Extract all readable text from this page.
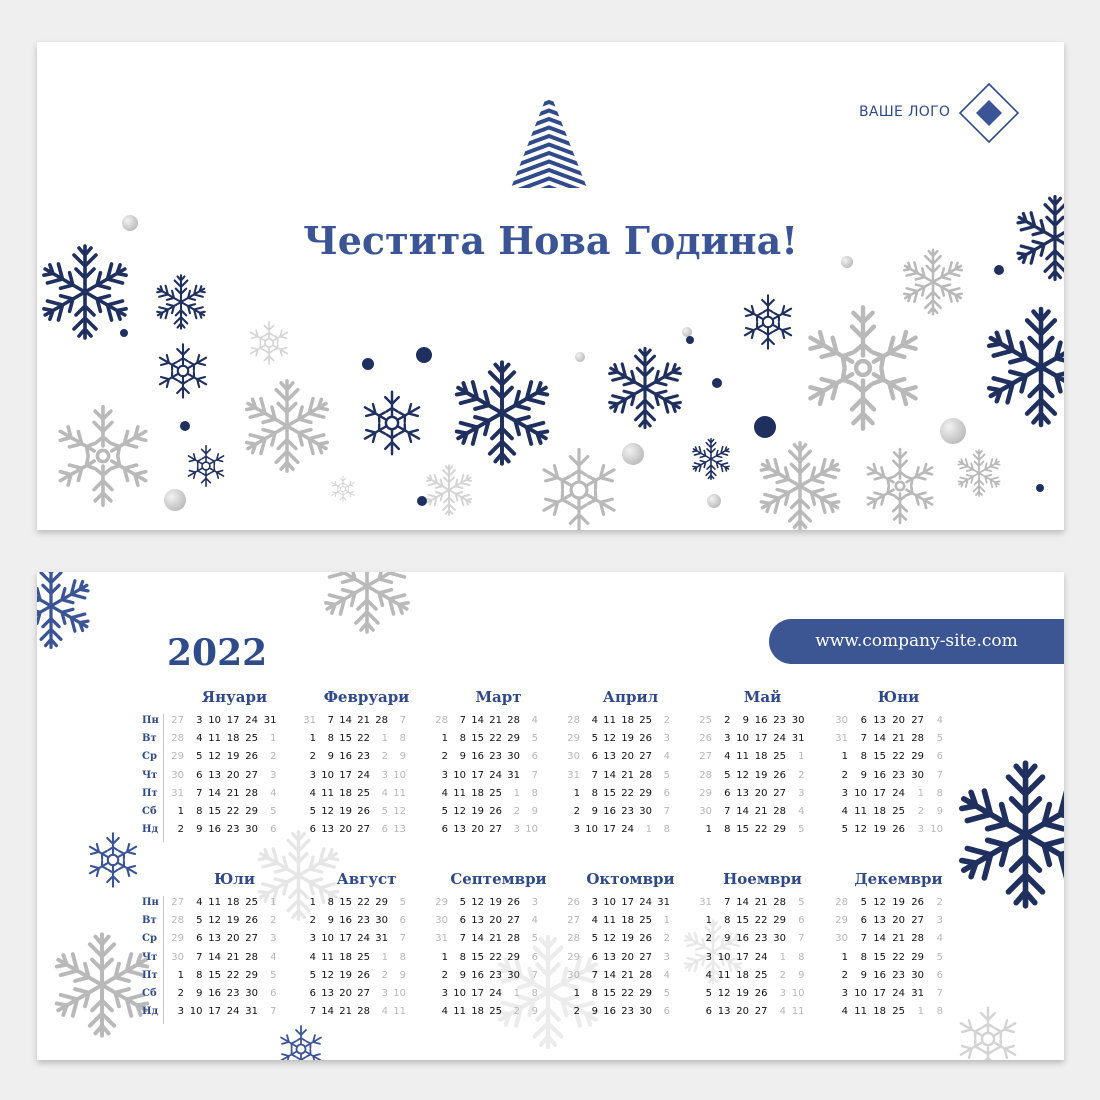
ВАШЕ ЛОГО
Честита Нова Година!
2022	www.company-site.com
Януари
Пн
Вт
Ср
Чт
Пт
Сб
Нд
27
28
29
30
31
1
2
3
4
5
6
7
8
9
10
11
12
13
14
15
16
17
18
19
20
21
22
23
24
25
26
27
28
29
30
31
1
2
3
4
5
6
Февруари
31
1
2
3
4
5
6
7
8
9
10
11
12
13
14
15
16
17
18
19
20
21
22
23
24
25
26
27
28
1
2
3
4
5
6
7
8
9
10
11
12
13
Март
28
1
2
3
4
5
6
7
8
9
10
11
12
13
14
15
16
17
18
19
20
21
22
23
24
25
26
27
28
29
30
31
1
2
3
4
5
6
7
8
9
10
Април
28
29
30
31
1
2
3
4
5
6
7
8
9
10
11
12
13
14
15
16
17
18
19
20
21
22
23
24
25
26
27
28
29
30
1
2
3
4
5
6
7
8
Май
25
26
27
28
29
30
1
2
3
4
5
6
7
8
9
10
11
12
13
14
15
16
17
18
19
20
21
22
23
24
25
26
27
28
29
30
31
1
2
3
4
5
Юни
30
31
1
2
3
4
5
6
7
8
9
10
11
12
13
14
15
16
17
18
19
20
21
22
23
24
25
26
27
28
29
30
1
2
3
4
5
6
7
8
9
10
Юли
Пн
Вт
Ср
Чт
Пт
Сб
Нд
27
28
29
30
1
2
3
4
5
6
7
8
9
10
11
12
13
14
15
16
17
18
19
20
21
22
23
24
25
26
27
28
29
30
31
1
2
3
4
5
6
7
Август
1
2
3
4
5
6
7
8
9
10
11
12
13
14
15
16
17
18
19
20
21
22
23
24
25
26
27
28
29
30
31
1
2
3
4
5
6
7
8
9
10
11
Септември
29
30
31
1
2
3
4
5
6
7
8
9
10
11
12
13
14
15
16
17
18
19
20
21
22
23
24
25
26
27
28
29
30
1
2
3
4
5
6
7
8
9
Октомври
26
27
28
29
30
1
2
3
4
5
6
7
8
9
10
11
12
13
14
15
16
17
18
19
20
21
22
23
24
25
26
27
28
29
30
31
1
2
3
4
5
6
Ноември
31
1
2
3
4
5
6
7
8
9
10
11
12
13
14
15
16
17
18
19
20
21
22
23
24
25
26
27
28
29
30
1
2
3
4
5
6
7
8
9
10
11
Декември
28
29
30
1
2
3
4
5
6
7
8
9
10
11
12
13
14
15
16
17
18
19
20
21
22
23
24
25
26
27
28
29
30
31
1
2
3
4
5
6
7
8
